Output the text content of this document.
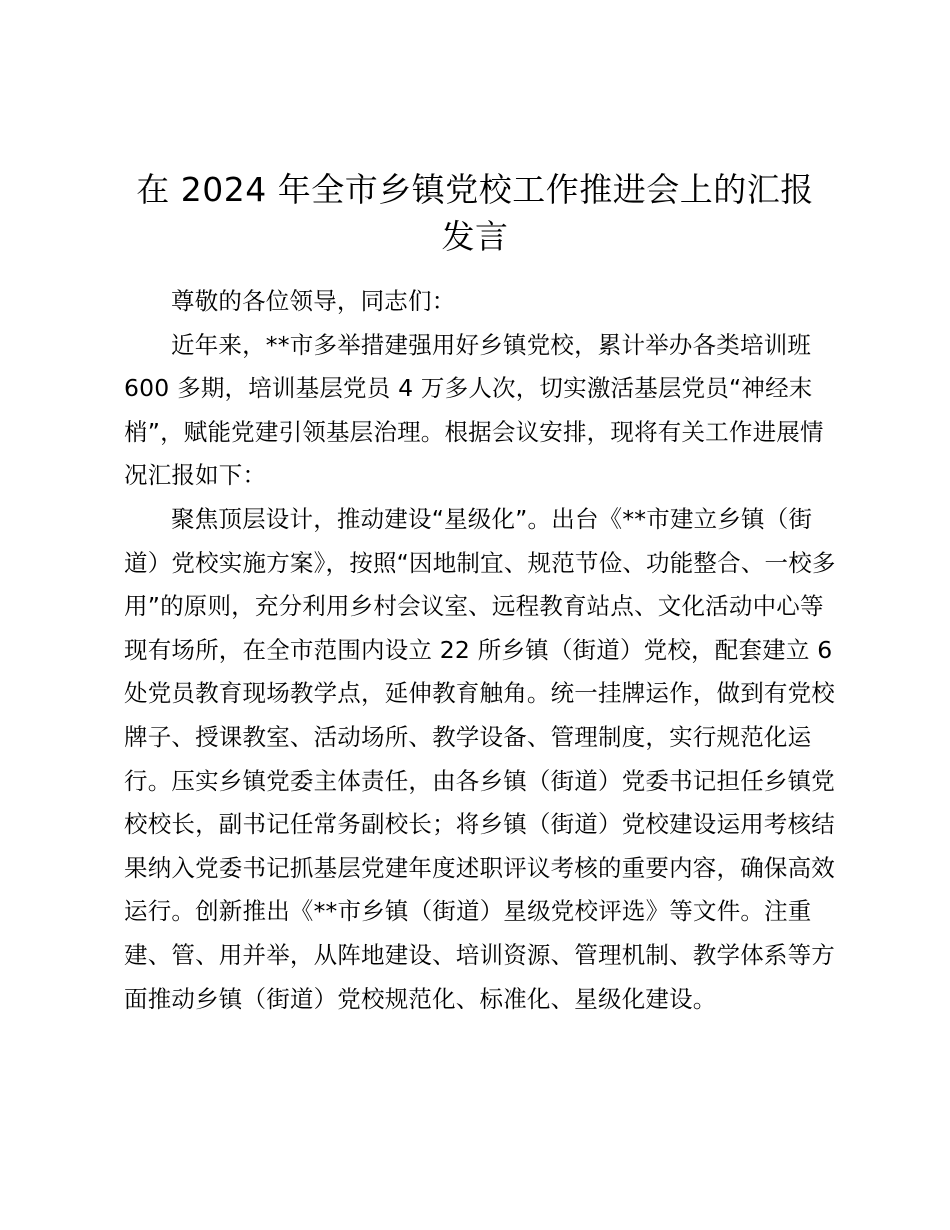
在 2024 年全市乡镇党校工作推进会上的汇报
发言

尊敬的各位领导，同志们：

近年来，**市多举措建强用好乡镇党校，累计举办各类培训班 600 多期，培训基层党员 4 万多人次，切实激活基层党员“神经末梢”，赋能党建引领基层治理。根据会议安排，现将有关工作进展情况汇报如下：

聚焦顶层设计，推动建设“星级化”。出台《**市建立乡镇（街道）党校实施方案》，按照“因地制宜、规范节俭、功能整合、一校多用”的原则，充分利用乡村会议室、远程教育站点、文化活动中心等现有场所，在全市范围内设立 22 所乡镇（街道）党校，配套建立 6 处党员教育现场教学点，延伸教育触角。统一挂牌运作，做到有党校牌子、授课教室、活动场所、教学设备、管理制度，实行规范化运行。压实乡镇党委主体责任，由各乡镇（街道）党委书记担任乡镇党校校长，副书记任常务副校长；将乡镇（街道）党校建设运用考核结果纳入党委书记抓基层党建年度述职评议考核的重要内容，确保高效运行。创新推出《**市乡镇（街道）星级党校评选》等文件。注重建、管、用并举，从阵地建设、培训资源、管理机制、教学体系等方面推动乡镇（街道）党校规范化、标准化、星级化建设。
